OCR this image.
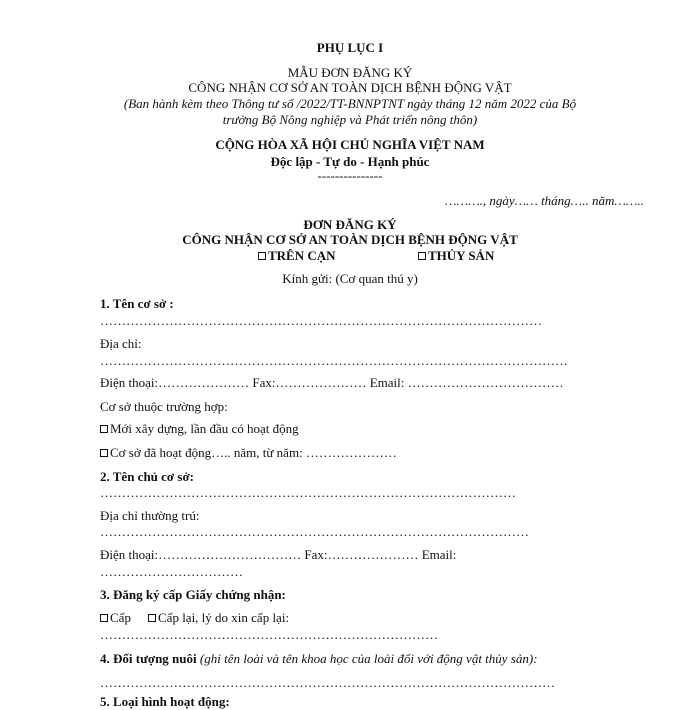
PHỤ LỤC I
MẪU ĐƠN ĐĂNG KÝ
CÔNG NHẬN CƠ SỞ AN TOÀN DỊCH BỆNH ĐỘNG VẬT
(Ban hành kèm theo Thông tư số /2022/TT-BNNPTNT ngày tháng 12 năm 2022 của Bộ
trưởng Bộ Nông nghiệp và Phát triển nông thôn)
CỘNG HÒA XÃ HỘI CHỦ NGHĨA VIỆT NAM
Độc lập - Tự do - Hạnh phúc
---------------
………., ngày…… tháng….. năm……..
ĐƠN ĐĂNG KÝ
CÔNG NHẬN CƠ SỞ AN TOÀN DỊCH BỆNH ĐỘNG VẬT
TRÊN CẠN	THỦY SẢN
Kính gửi: (Cơ quan thú y)
1. Tên cơ sở :
…………………………………………………………………………………………
Địa chỉ:
………………………………………………………………………………………………
Điện thoại:………………… Fax:………………… Email: ………………………………
Cơ sở thuộc trường hợp:
Mới xây dựng, lần đầu có hoạt động
Cơ sở đã hoạt động….. năm, từ năm: …………………
2. Tên chủ cơ sở:
……………………………………………………………………………………
Địa chỉ thường trú:
………………………………………………………………………………………
Điện thoại:…………………………… Fax:………………… Email:
……………………………
3. Đăng ký cấp Giấy chứng nhận:
Cấp	Cấp lại, lý do xin cấp lại:
……………………………………………………………………
4. Đối tượng nuôi (ghi tên loài và tên khoa học của loài đối với động vật thủy sản):
……………………………………………………………………………………………
5. Loại hình hoạt động:
